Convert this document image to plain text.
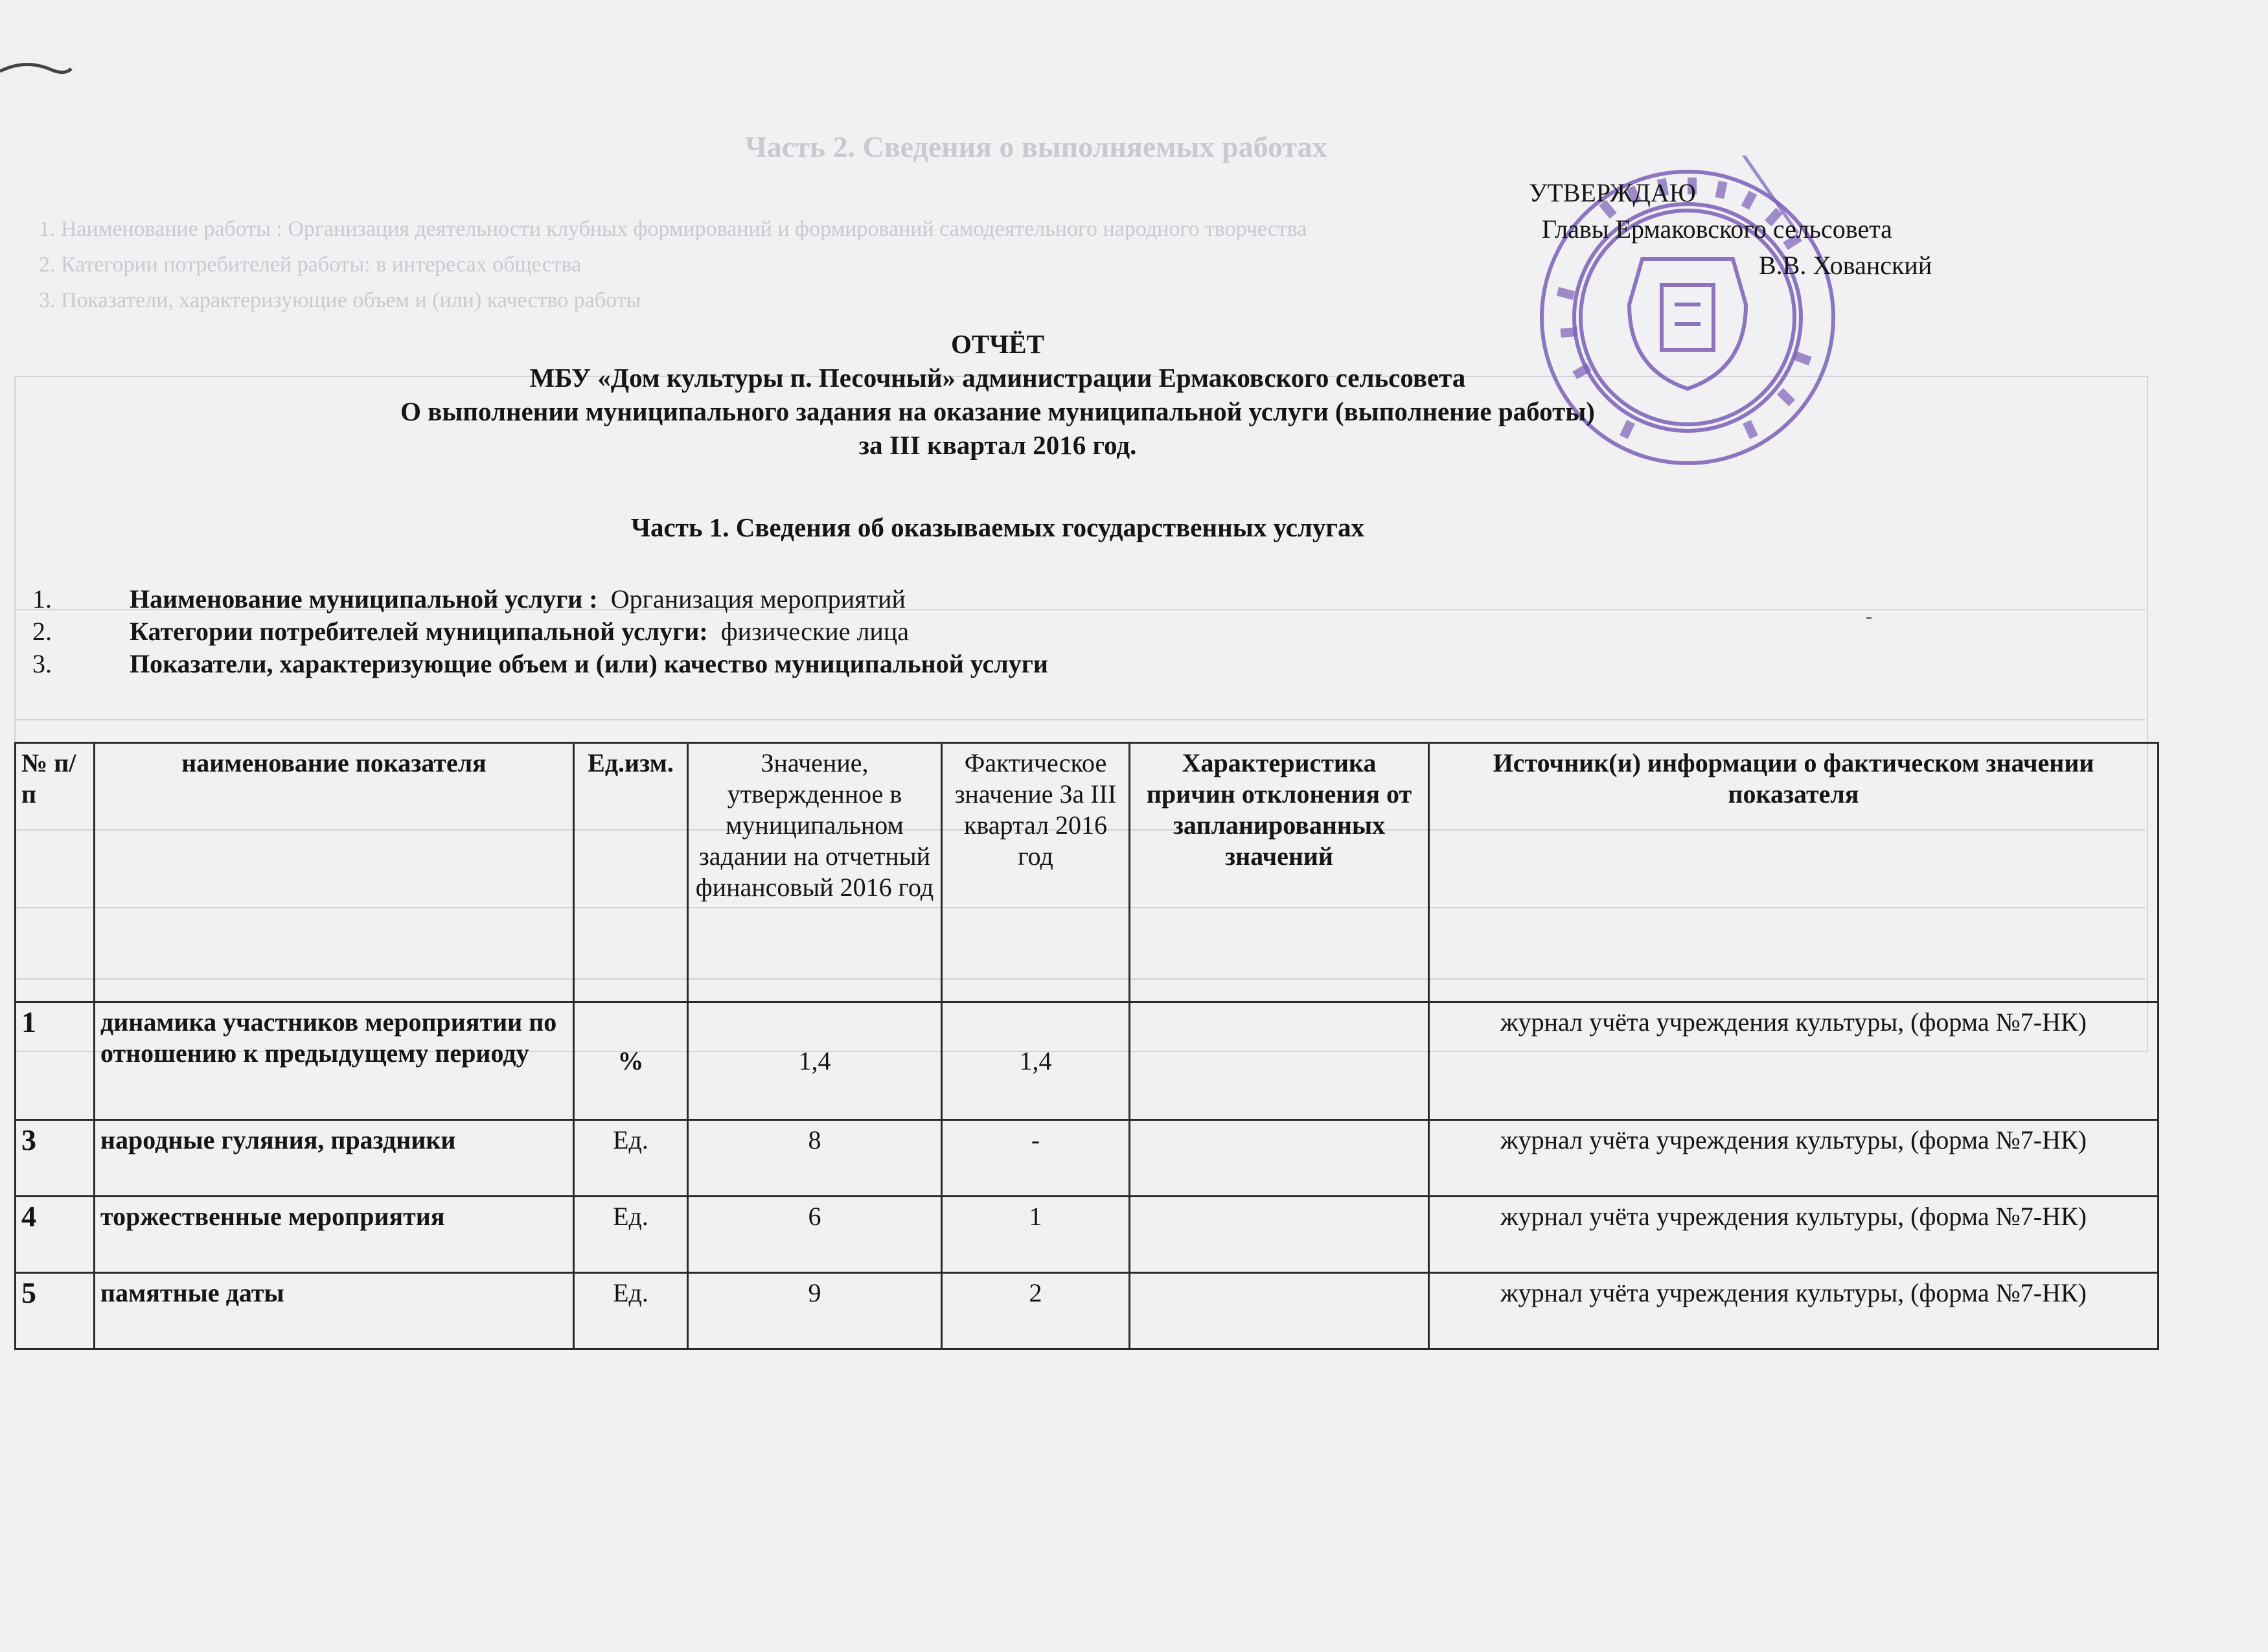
Часть 2. Сведения о выполняемых работах
1. Наименование работы : Организация деятельности клубных формирований и формирований самодеятельного народного творчества
2. Категории потребителей работы: в интересах общества
3. Показатели, характеризующие объем и (или) качество работы
УТВЕРЖДАЮ
Главы Ермаковского сельсовета
В.В. Хованский
ОТЧЁТ
МБУ «Дом культуры п. Песочный» администрации Ермаковского сельсовета
О выполнении муниципального задания на оказание муниципальной услуги (выполнение работы)
за III квартал 2016 год.
Часть 1. Сведения об оказываемых государственных услугах
1.	Наименование муниципальной услуги : Организация мероприятий
2.	Категории потребителей муниципальной услуги: физические лица
3.	Показатели, характеризующие объем и (или) качество муниципальной услуги
№ п/п	наименование показателя	Ед.изм.	Значение, утвержденное в муниципальном задании на отчетный финансовый 2016 год	Фактическое значение За III квартал 2016 год	Характеристика причин отклонения от запланированных значений	Источник(и) информации о фактическом значении показателя
1	динамика участников мероприятии по отношению к предыдущему периоду	%	1,4	1,4		журнал учёта учреждения культуры, (форма №7-НК)
3	народные гуляния, праздники	Ед.	8	-		журнал учёта учреждения культуры, (форма №7-НК)
4	торжественные мероприятия	Ед.	6	1		журнал учёта учреждения культуры, (форма №7-НК)
5	памятные даты	Ед.	9	2		журнал учёта учреждения культуры, (форма №7-НК)
-
